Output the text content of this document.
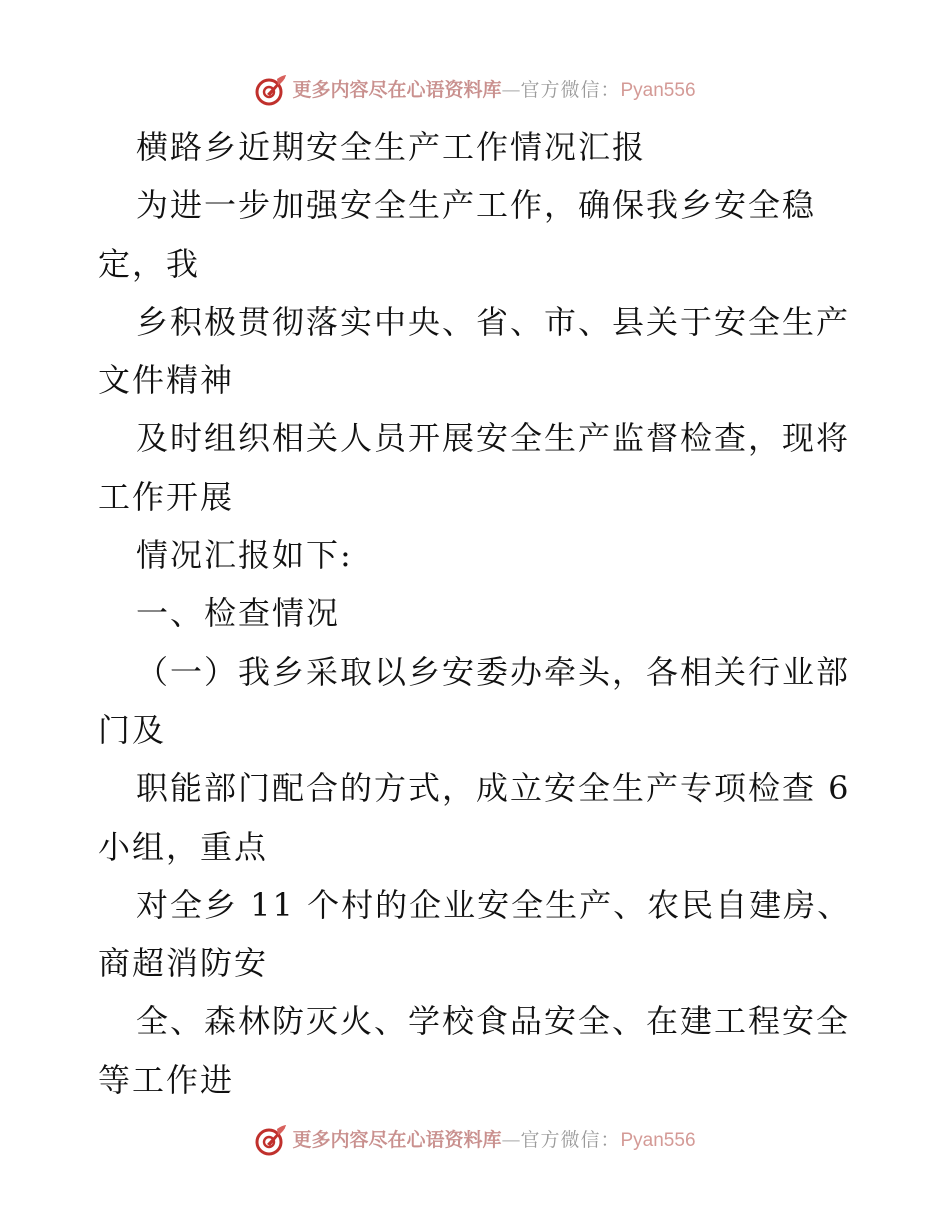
更多内容尽在心语资料库—官方微信：Pyan556
横路乡近期安全生产工作情况汇报
为进一步加强安全生产工作，确保我乡安全稳
定，我
乡积极贯彻落实中央、省、市、县关于安全生产
文件精神
及时组织相关人员开展安全生产监督检查，现将
工作开展
情况汇报如下:
一、检查情况
（一）我乡采取以乡安委办牵头，各相关行业部
门及
职能部门配合的方式，成立安全生产专项检查 6
小组，重点
对全乡 11 个村的企业安全生产、农民自建房、
商超消防安
全、森林防灭火、学校食品安全、在建工程安全
等工作进
更多内容尽在心语资料库—官方微信：Pyan556
